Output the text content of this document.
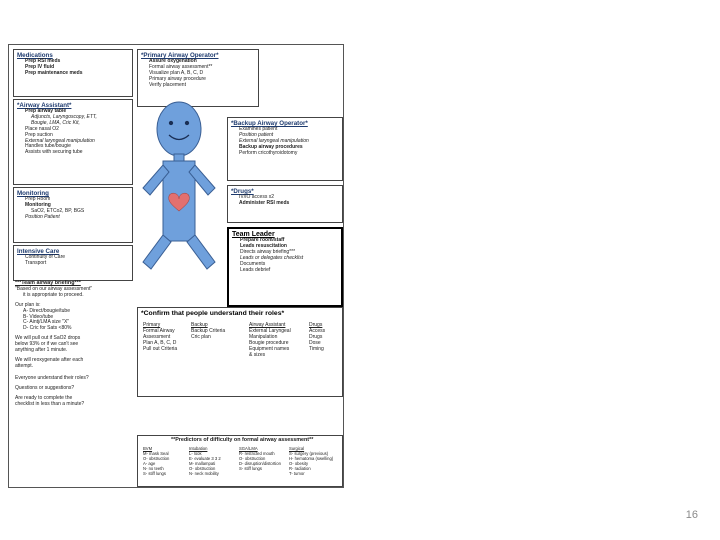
Medications
Prep RSI meds
Prep IV fluid
Prep maintenance meds
*Airway Assistant*
Prep airway table
Adjuncts, Laryngoscopy, ETT,
Bougie, LMA, Cric Kit,
Place nasal O2
Prep suction
External laryngeal manipulation
Handles tube/bougie
Assists with securing tube
Monitoring
Prep Room
Monitoring
SaO2, ETCo2, BP, BGS
Position Patient
Intensive Care
Continuity of Care
Transport
*Primary Airway Operator*
Assure oxygenation
Formal airway assessment**
Visualize plan A, B, C, D
Primary airway procedure
Verify placement
*Backup Airway Operator*
Examines patient
Position patient
External laryngeal manipulation
Backup airway procedures
Perform cricothyroidotomy
*Drugs*
IV/IO access x2
Administer RSI meds
Team Leader
Prepare room/staff
Leads resuscitation
Directs airway briefing***
Leads or delegates checklist
Documents
Leads debrief
***Team airway briefing***
"Based on our airway assessment"
it is appropriate to proceed.
Our plan is:
A- Direct/bougie/tube
B- Video/tube
C- Aintj/LMA size "X"
D- Cric for Sats <80%
We will pull out if SaO2 drops
below 93% or if we can't see
anything after 1 minute.
We will reoxygenate after each
attempt.
Everyone understand their roles?
Questions or suggestions?
Are ready to complete the
checklist in less than a minute?
*Confirm that people understand their roles*
Primary
Formal Airway
Assessment
Plan A, B, C, D
Pull out Criteria
Backup
Backup Criteria
Cric plan
Airway Assistant
External Laryngeal
Manipulation
Bougie procedure
Equipment names
& sizes
Drugs
Access
Drugs
Dose
Timing
**Predictors of difficulty on formal airway assessment**
BVM
M- mask Seal
O- obstruction
A- age
N- no teeth
S- stiff lungs
Intubation
L- look
E- evaluate 3 3 2
M- mallampati
O- obstruction
N- neck mobility
SGA/LMA
R- restricted mouth
O- obstruction
D- disruption/distortion
S- stiff lungs
Surgical
S- surgery (previous)
H- hematoma (swelling)
O- obesity
R- radiation
T- tumor
16
